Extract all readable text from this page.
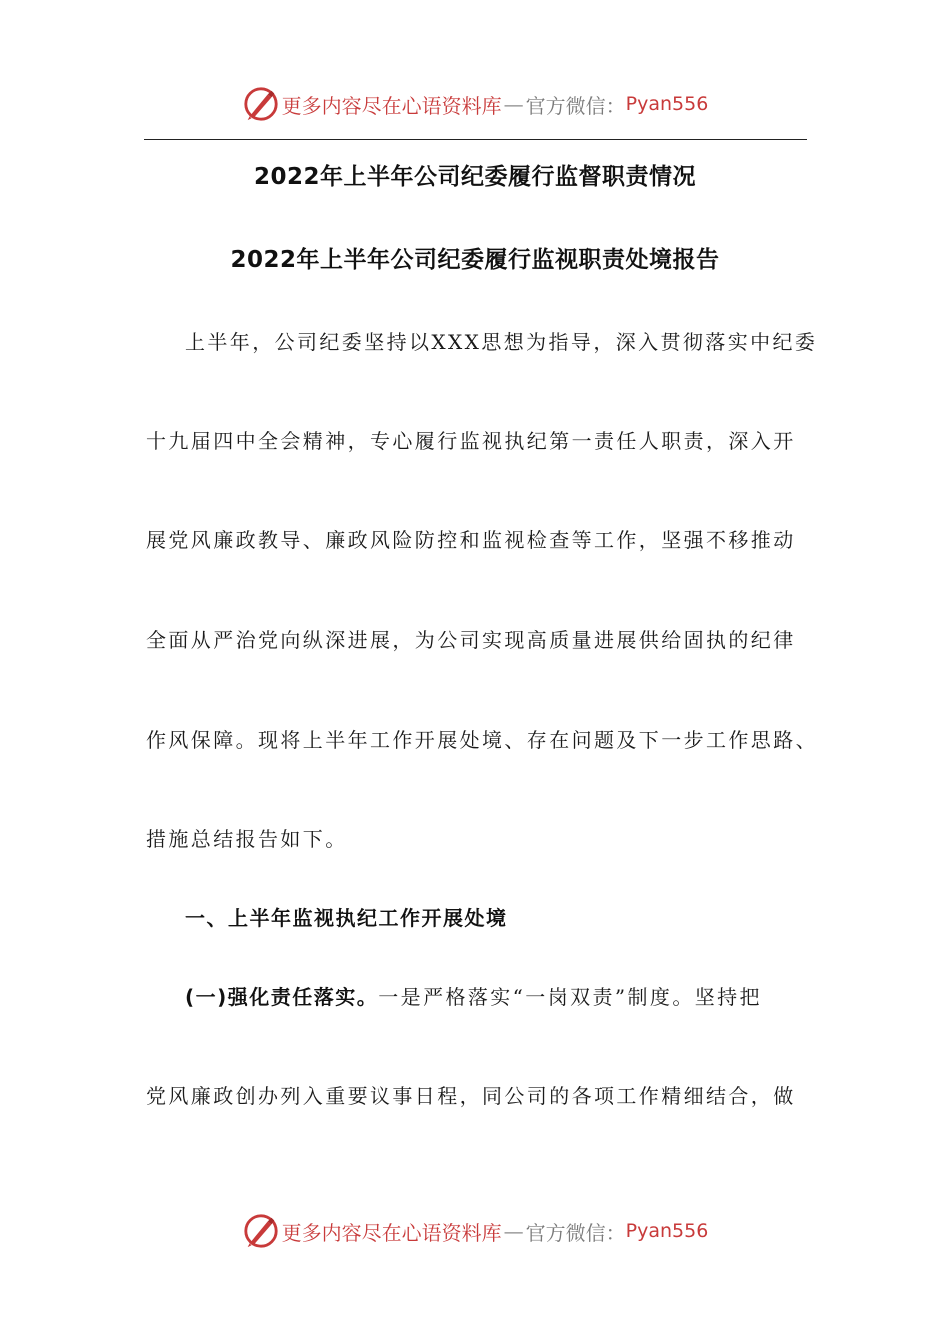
更多内容尽在心语资料库 — 官方微信： Pyan556
2022年上半年公司纪委履行监督职责情况
2022年上半年公司纪委履行监视职责处境报告
上半年，公司纪委坚持以XXX思想为指导，深入贯彻落实中纪委
十九届四中全会精神，专心履行监视执纪第一责任人职责，深入开
展党风廉政教导、廉政风险防控和监视检查等工作，坚强不移推动
全面从严治党向纵深进展，为公司实现高质量进展供给固执的纪律
作风保障。现将上半年工作开展处境、存在问题及下一步工作思路、
措施总结报告如下。
一、上半年监视执纪工作开展处境
(一)强化责任落实。一是严格落实“一岗双责”制度。坚持把
党风廉政创办列入重要议事日程，同公司的各项工作精细结合，做
更多内容尽在心语资料库 — 官方微信： Pyan556
